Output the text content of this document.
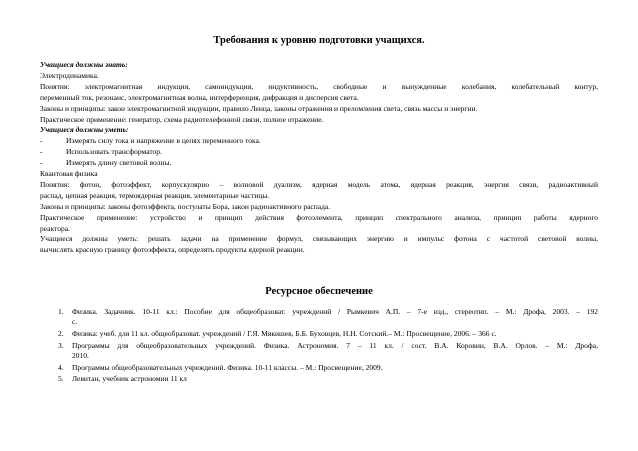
Требования к уровню подготовки учащихся.
Учащиеся должны знать:
Электродинамика.
Понятия: электромагнитная индукция, самоиндукция, индуктивность, свободные и вынужденные колебания, колебательный контур,
переменный ток, резонанс, электромагнитная волна, интерференция, дифракция и дисперсия света.
Законы и принципы: закон электромагнитной индукции, правило Ленца, законы отражения и преломления света, связь массы и энергии.
Практическое применение: генератор, схема радиотелефонной связи, полное отражение.
Учащиеся должны уметь:
-	Измерять силу тока и напряжение в цепях переменного тока.
-	Использовать трансформатор.
-	Измерять длину световой волны.
Квантовая физика
Понятия: фотон, фотоэффект, корпускулярно – волновой дуализм, ядерная модель атома, ядерная реакция, энергия связи, радиоактивный
распад, цепная реакция, термоядерная реакция, элементарные частицы.
Законы и принципы: законы фотоэффекта, постулаты Бора, закон радиоактивного распада.
Практическое применение: устройство и принцип действия фотоэлемента, принцип спектрального анализа, принцип работы ядерного
реактора.
Учащиеся должны уметь: решать задачи на применение формул, связывающих энергию и импульс фотона с частотой световой волны,
вычислять красную границу фотоэффекта, определять продукты ядерной реакции.
Ресурсное обеспечение
1. Физика. Задачник. 10-11 кл.: Пособие для общеобразоват. учреждений / Рымкевич А.П. – 7-е изд., стереотип. – М.: Дрофа, 2003. – 192
с.
2. Физика: учеб. для 11 кл. общеобразоват. учреждений / Г.Я. Мякишев, Б.Б. Буховцев, Н.Н. Сотский.– М.: Просвещение, 2006. – 366 с.
3. Программы для общеобразовательных учреждений. Физика. Астрономия. 7 – 11 кл. / сост. В.А. Коровин, В.А. Орлов. – М.: Дрофа,
2010.
4. Программы общеобразовательных учреждений. Физика. 10-11 классы. – М.: Просвещение, 2009.
5. Левитан, учебник астрономии 11 кл
